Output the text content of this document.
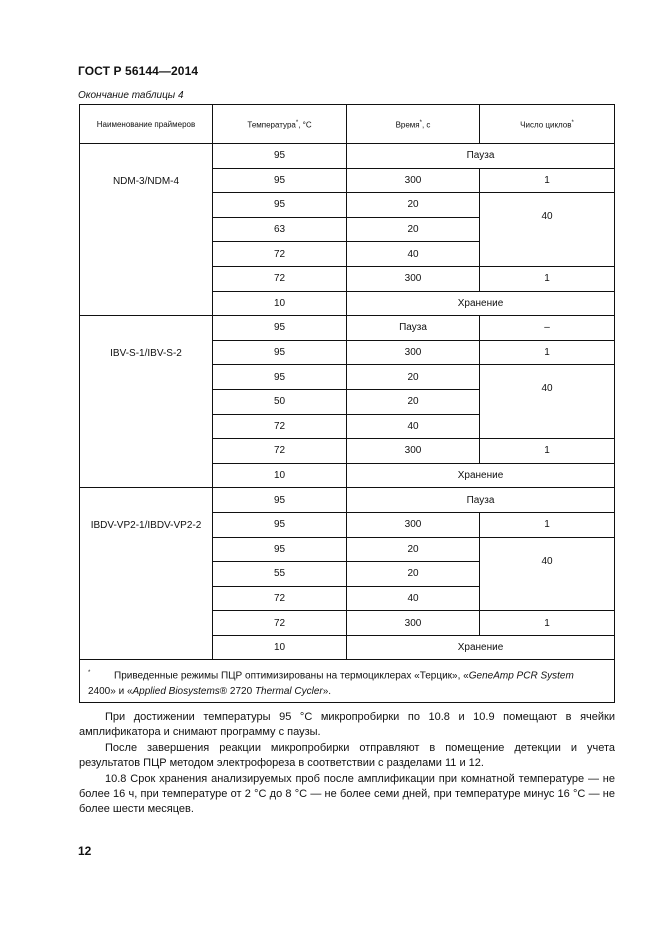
ГОСТ Р 56144—2014
Окончание таблицы 4
Наименование праймеров	Температура*, °С	Время*, с	Число циклов*
NDM-3/NDM-4	95	Пауза	
	95	300	1
	95	20	40
	63	20	
	72	40	
	72	300	1
	10	Хранение	
IBV-S-1/IBV-S-2	95	Пауза	–
	95	300	1
	95	20	40
	50	20	
	72	40	
	72	300	1
	10	Хранение	
IBDV-VP2-1/IBDV-VP2-2	95	Пауза	
	95	300	1
	95	20	40
	55	20	
	72	40	
	72	300	1
	10	Хранение	
* Приведенные режимы ПЦР оптимизированы на термоциклерах «Терцик», «GeneAmp PCR System
2400» и «Applied Biosystems® 2720 Thermal Cycler».			

При достижении температуры 95 °С микропробирки по 10.8 и 10.9 помещают в ячейки амплификатора и снимают программу с паузы.

После завершения реакции микропробирки отправляют в помещение детекции и учета результатов ПЦР методом электрофореза в соответствии с разделами 11 и 12.

10.8 Срок хранения анализируемых проб после амплификации при комнатной температуре — не более 16 ч, при температуре от 2 °С до 8 °С — не более семи дней, при температуре минус 16 °С — не более шести месяцев.

12
